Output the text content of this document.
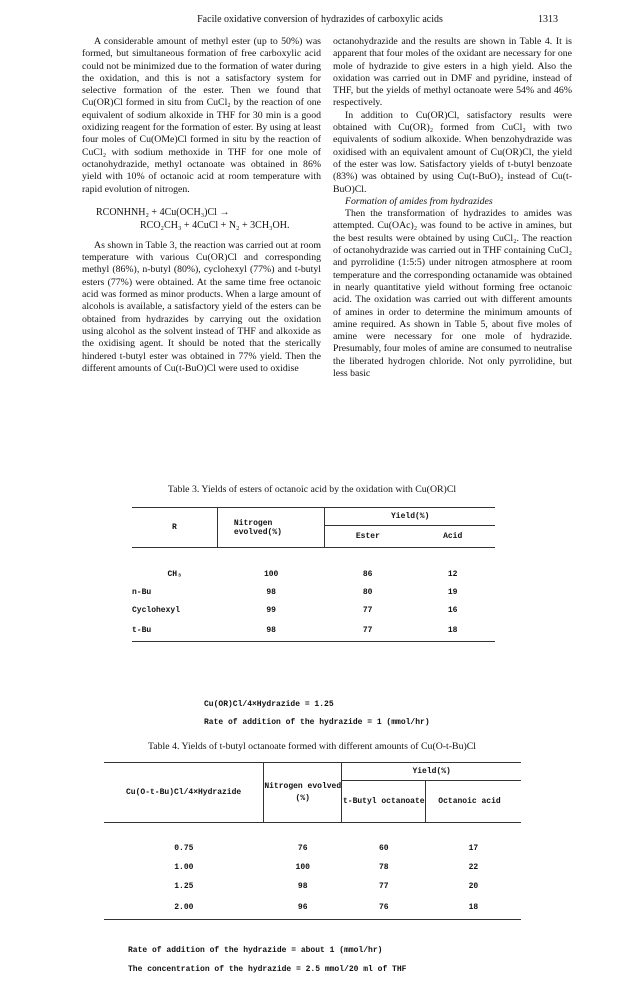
Facile oxidative conversion of hydrazides of carboxylic acids	1313

A considerable amount of methyl ester (up to 50%) was formed, but simultaneous formation of free carboxylic acid could not be minimized due to the formation of water during the oxidation, and this is not a satisfactory system for selective formation of the ester. Then we found that Cu(OR)Cl formed in situ from CuCl₂ by the reaction of one equivalent of sodium alkoxide in THF for 30 min is a good oxidizing reagent for the formation of ester. By using at least four moles of Cu(OMe)Cl formed in situ by the reaction of CuCl₂ with sodium methoxide in THF for one mole of octanohydrazide, methyl octanoate was obtained in 86% yield with 10% of octanoic acid at room temperature with rapid evolution of nitrogen.

RCONHNH₂ + 4Cu(OCH₃)Cl →
RCO₂CH₃ + 4CuCl + N₂ + 3CH₃OH.

As shown in Table 3, the reaction was carried out at room temperature with various Cu(OR)Cl and corresponding methyl (86%), n-butyl (80%), cyclohexyl (77%) and t-butyl esters (77%) were obtained. At the same time free octanoic acid was formed as minor products. When a large amount of alcohols is available, a satisfactory yield of the esters can be obtained from hydrazides by carrying out the oxidation using alcohol as the solvent instead of THF and alkoxide as the oxidising agent. It should be noted that the sterically hindered t-butyl ester was obtained in 77% yield. Then the different amounts of Cu(t-BuO)Cl were used to oxidise

octanohydrazide and the results are shown in Table 4. It is apparent that four moles of the oxidant are necessary for one mole of hydrazide to give esters in a high yield. Also the oxidation was carried out in DMF and pyridine, instead of THF, but the yields of methyl octanoate were 54% and 46% respectively.

In addition to Cu(OR)Cl, satisfactory results were obtained with Cu(OR)₂ formed from CuCl₂ with two equivalents of sodium alkoxide. When benzohydrazide was oxidised with an equivalent amount of Cu(OR)Cl, the yield of the ester was low. Satisfactory yields of t-butyl benzoate (83%) was obtained by using Cu(t-BuO)₂ instead of Cu(t-BuO)Cl.

Formation of amides from hydrazides

Then the transformation of hydrazides to amides was attempted. Cu(OAc)₂ was found to be active in amines, but the best results were obtained by using CuCl₂. The reaction of octanohydrazide was carried out in THF containing CuCl₂ and pyrrolidine (1:5:5) under nitrogen atmosphere at room temperature and the corresponding octanamide was obtained in nearly quantitative yield without forming free octanoic acid. The oxidation was carried out with different amounts of amines in order to determine the minimum amounts of amine required. As shown in Table 5, about five moles of amine were necessary for one mole of hydrazide. Presumably, four moles of amine are consumed to neutralise the liberated hydrogen chloride. Not only pyrrolidine, but less basic

Table 3. Yields of esters of octanoic acid by the oxidation with Cu(OR)Cl
R	Nitrogen evolved(%)	Yield(%)	
		Ester	Acid

CH₃	100	86	12
n-Bu	98	80	19
Cyclohexyl	99	77	16
t-Bu	98	77	18
Cu(OR)Cl/4×Hydrazide = 1.25
Rate of addition of the hydrazide = 1 (mmol/hr)
Table 4. Yields of t-butyl octanoate formed with different amounts of Cu(O-t-Bu)Cl
Cu(O-t-Bu)Cl/4×Hydrazide	Nitrogen evolved (%)	Yield(%)	
		t-Butyl octanoate	Octanoic acid

0.75	76	60	17
1.00	100	78	22
1.25	98	77	20
2.00	96	76	18
Rate of addition of the hydrazide = about 1 (mmol/hr)
The concentration of the hydrazide = 2.5 mmol/20 ml of THF
